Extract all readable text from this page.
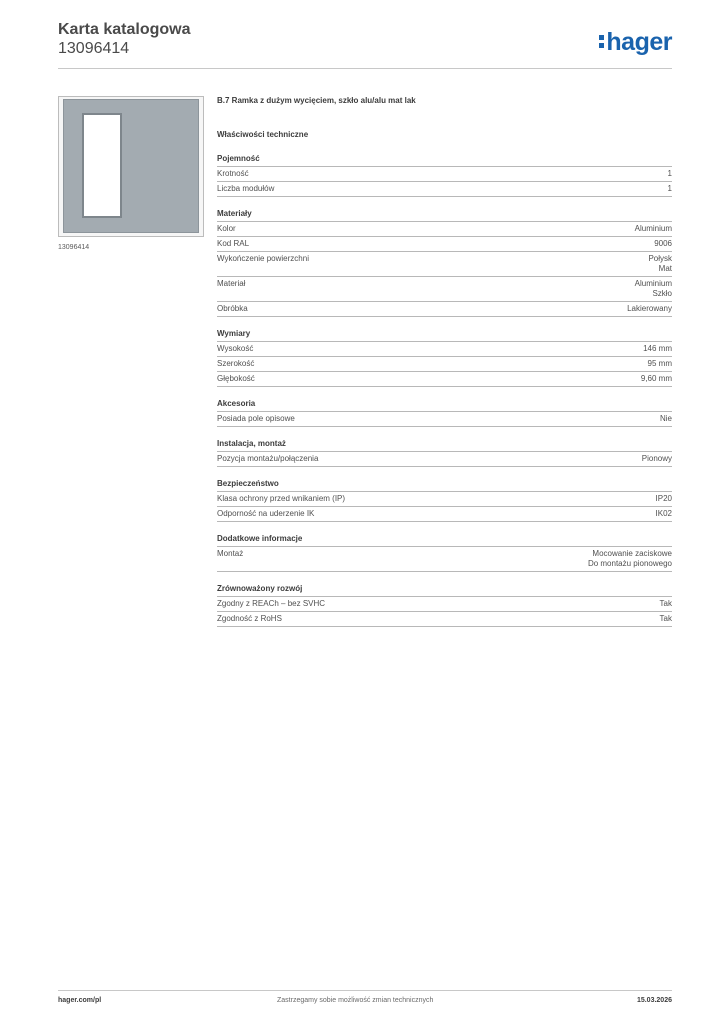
Karta katalogowa
13096414	hager
13096414
B.7 Ramka z dużym wycięciem, szkło alu/alu mat lak
Właściwości techniczne
Pojemność
Krotność	1
Liczba modułów	1
Materiały
Kolor	Aluminium
Kod RAL	9006
Wykończenie powierzchni	Połysk
Mat
Materiał	Aluminium
Szkło
Obróbka	Lakierowany
Wymiary
Wysokość	146 mm
Szerokość	95 mm
Głębokość	9,60 mm
Akcesoria
Posiada pole opisowe	Nie
Instalacja, montaż
Pozycja montażu/połączenia	Pionowy
Bezpieczeństwo
Klasa ochrony przed wnikaniem (IP)	IP20
Odporność na uderzenie IK	IK02
Dodatkowe informacje
Montaż	Mocowanie zaciskowe
Do montażu pionowego
Zrównoważony rozwój
Zgodny z REACh – bez SVHC	Tak
Zgodność z RoHS	Tak
hager.com/pl	Zastrzegamy sobie możliwość zmian technicznych	15.03.2026
